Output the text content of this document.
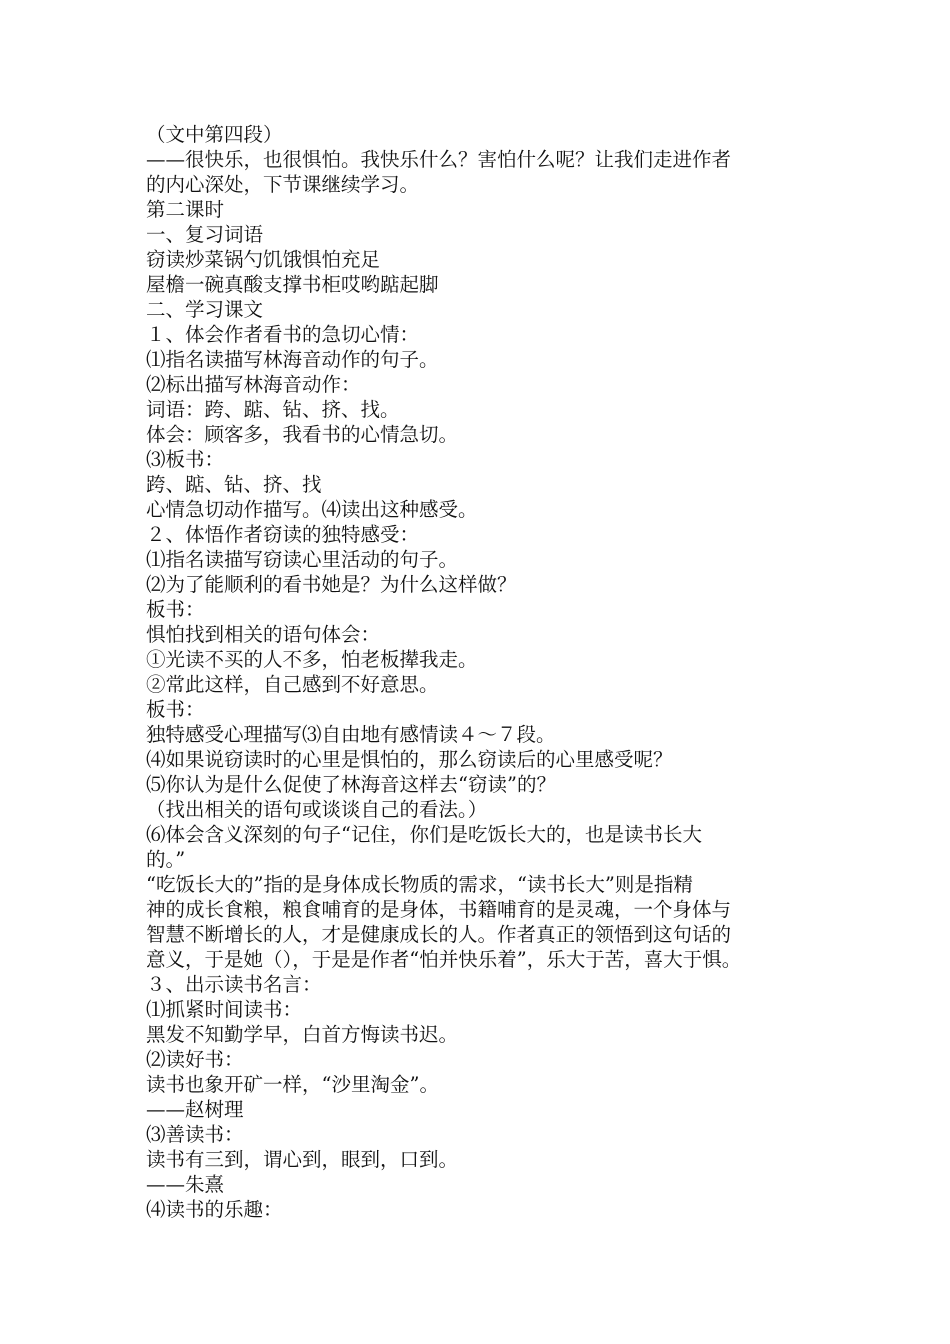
（文中第四段）

——很快乐，也很惧怕。我快乐什么？害怕什么呢？让我们走进作者

的内心深处，下节课继续学习。

第二课时

一、复习词语

窃读炒菜锅勺饥饿惧怕充足

屋檐一碗真酸支撑书柜哎哟踮起脚

二、学习课文

１、体会作者看书的急切心情：

⑴指名读描写林海音动作的句子。

⑵标出描写林海音动作：

词语：跨、踮、钻、挤、找。

体会：顾客多，我看书的心情急切。

⑶板书：

跨、踮、钻、挤、找

心情急切动作描写。⑷读出这种感受。

２、体悟作者窃读的独特感受：

⑴指名读描写窃读心里活动的句子。

⑵为了能顺利的看书她是？为什么这样做？

板书：

惧怕找到相关的语句体会：

①光读不买的人不多，怕老板撵我走。

②常此这样，自己感到不好意思。

板书：

独特感受心理描写⑶自由地有感情读４～７段。

⑷如果说窃读时的心里是惧怕的，那么窃读后的心里感受呢？

⑸你认为是什么促使了林海音这样去“窃读”的？

（找出相关的语句或谈谈自己的看法。）

⑹体会含义深刻的句子“记住，你们是吃饭长大的，也是读书长大

的。”

“吃饭长大的”指的是身体成长物质的需求，“读书长大”则是指精

神的成长食粮，粮食哺育的是身体，书籍哺育的是灵魂，一个身体与

智慧不断增长的人，才是健康成长的人。作者真正的领悟到这句话的

意义，于是她（），于是是作者“怕并快乐着”，乐大于苦，喜大于惧。

３、出示读书名言：

⑴抓紧时间读书：

黑发不知勤学早，白首方悔读书迟。

⑵读好书：

读书也象开矿一样，“沙里淘金”。

——赵树理

⑶善读书：

读书有三到，谓心到，眼到，口到。

——朱熹

⑷读书的乐趣：
